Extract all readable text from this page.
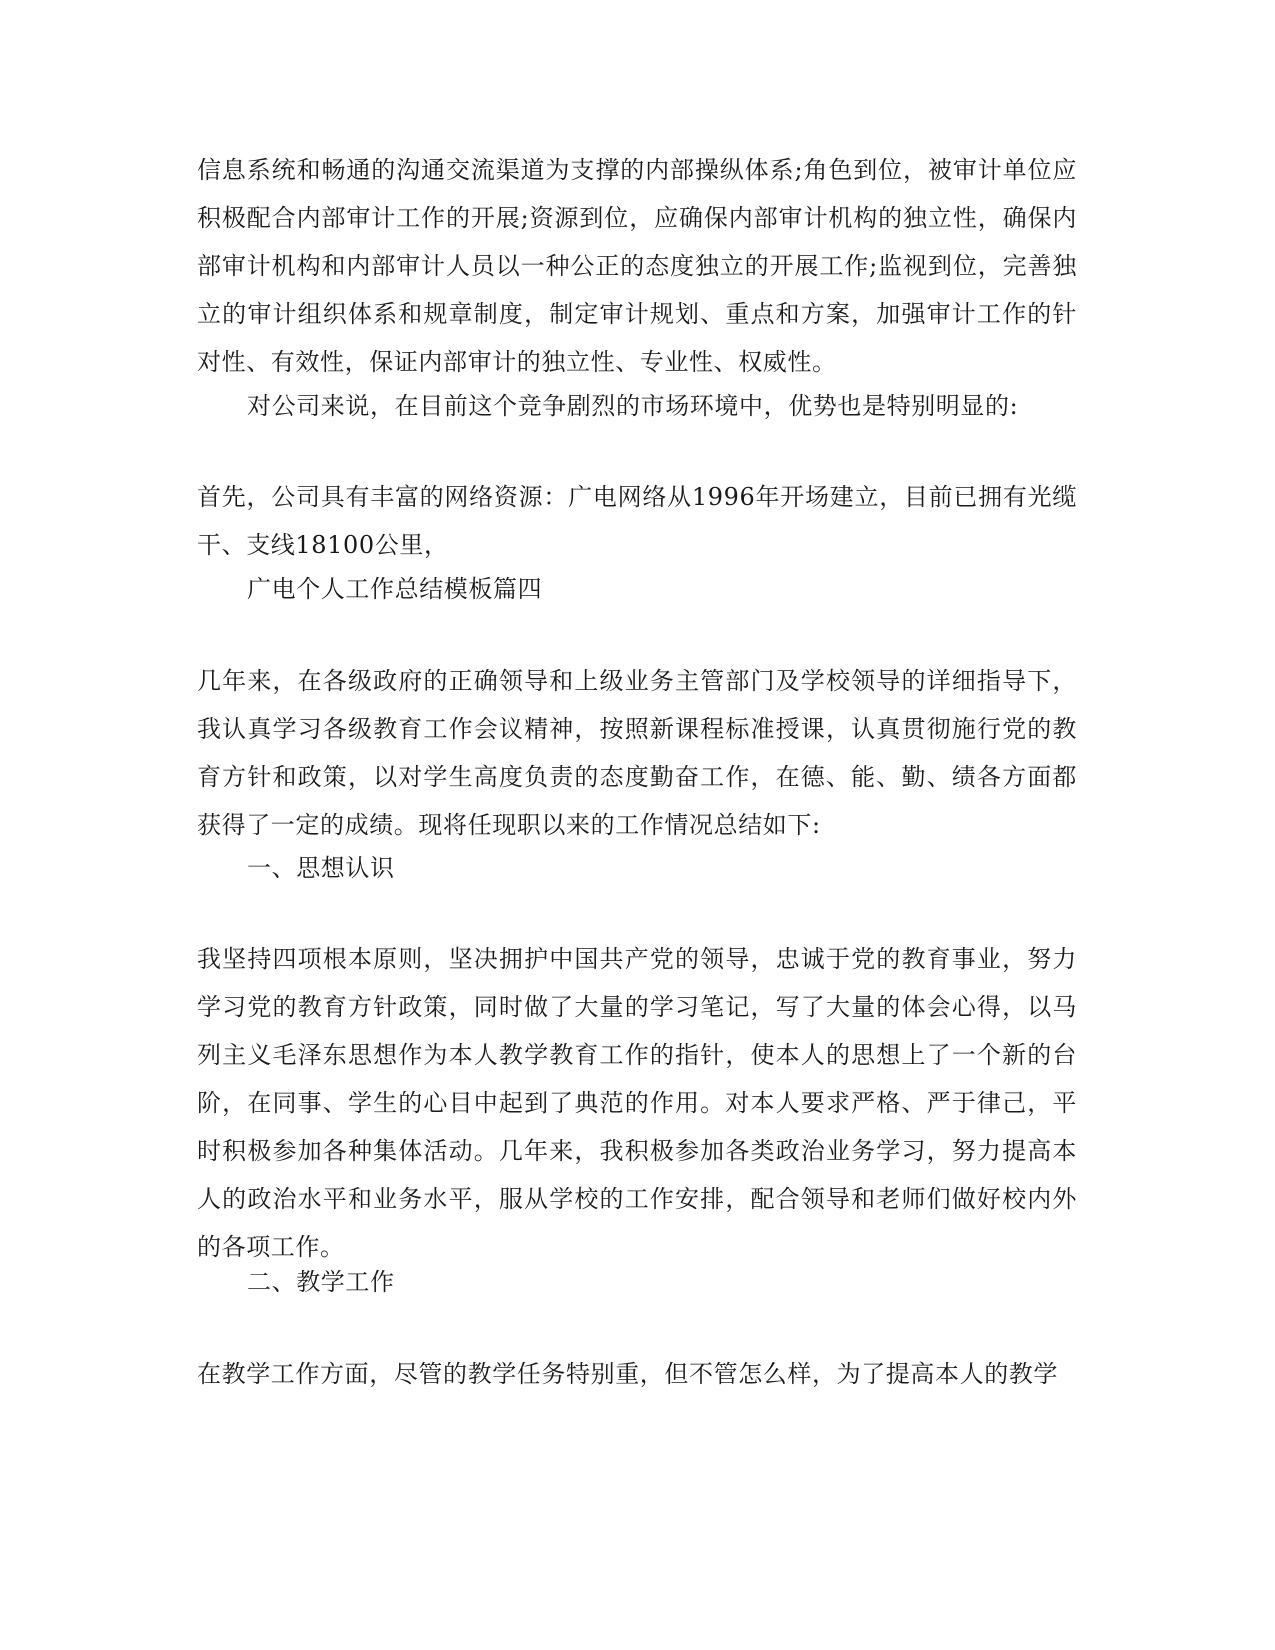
信息系统和畅通的沟通交流渠道为支撑的内部操纵体系;角色到位，被审计单位应积极配合内部审计工作的开展;资源到位，应确保内部审计机构的独立性，确保内部审计机构和内部审计人员以一种公正的态度独立的开展工作;监视到位，完善独立的审计组织体系和规章制度，制定审计规划、重点和方案，加强审计工作的针对性、有效性，保证内部审计的独立性、专业性、权威性。

对公司来说，在目前这个竞争剧烈的市场环境中，优势也是特别明显的:

首先，公司具有丰富的网络资源：广电网络从1996年开场建立，目前已拥有光缆干、支线18100公里，

广电个人工作总结模板篇四

几年来，在各级政府的正确领导和上级业务主管部门及学校领导的详细指导下，我认真学习各级教育工作会议精神，按照新课程标准授课，认真贯彻施行党的教育方针和政策，以对学生高度负责的态度勤奋工作，在德、能、勤、绩各方面都获得了一定的成绩。现将任现职以来的工作情况总结如下:

一、思想认识

我坚持四项根本原则，坚决拥护中国共产党的领导，忠诚于党的教育事业，努力学习党的教育方针政策，同时做了大量的学习笔记，写了大量的体会心得，以马列主义毛泽东思想作为本人教学教育工作的指针，使本人的思想上了一个新的台阶，在同事、学生的心目中起到了典范的作用。对本人要求严格、严于律己，平时积极参加各种集体活动。几年来，我积极参加各类政治业务学习，努力提高本人的政治水平和业务水平，服从学校的工作安排，配合领导和老师们做好校内外的各项工作。

二、教学工作

在教学工作方面，尽管的教学任务特别重，但不管怎么样，为了提高本人的教学
